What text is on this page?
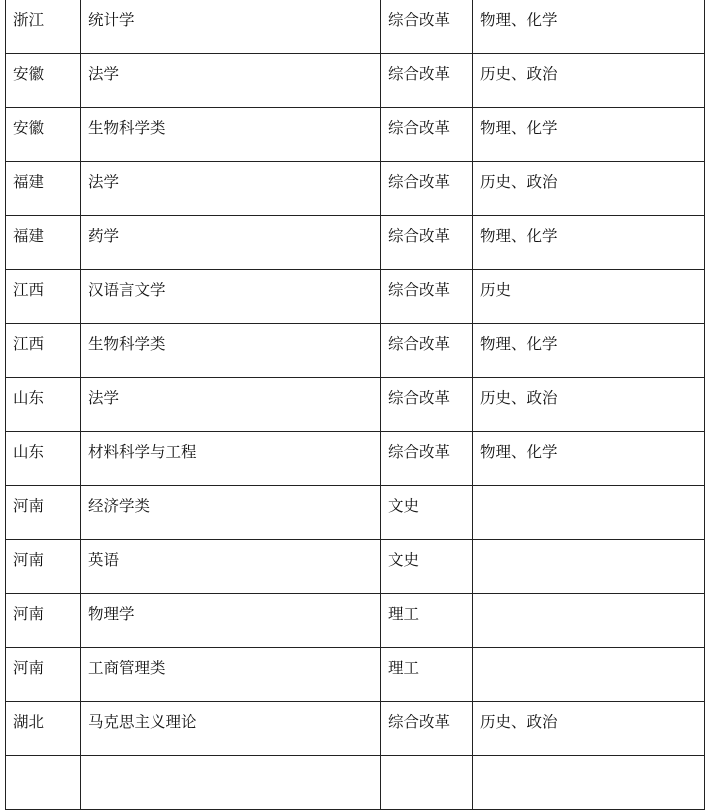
浙江	统计学	综合改革	物理、化学
安徽	法学	综合改革	历史、政治
安徽	生物科学类	综合改革	物理、化学
福建	法学	综合改革	历史、政治
福建	药学	综合改革	物理、化学
江西	汉语言文学	综合改革	历史
江西	生物科学类	综合改革	物理、化学
山东	法学	综合改革	历史、政治
山东	材料科学与工程	综合改革	物理、化学
河南	经济学类	文史	
河南	英语	文史	
河南	物理学	理工	
河南	工商管理类	理工	
湖北	马克思主义理论	综合改革	历史、政治
